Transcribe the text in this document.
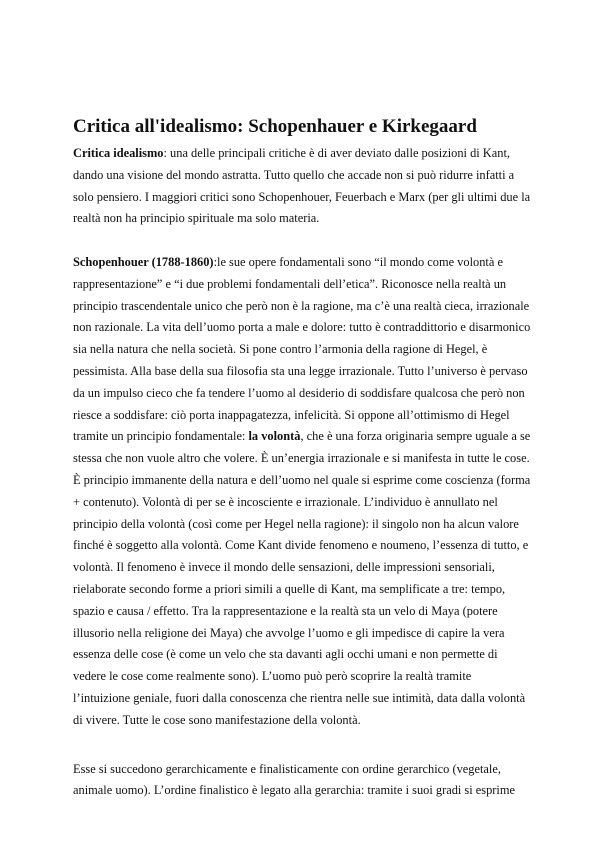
Critica all'idealismo: Schopenhauer e Kirkegaard
Critica idealismo: una delle principali critiche è di aver deviato dalle posizioni di Kant,
dando una visione del mondo astratta. Tutto quello che accade non si può ridurre infatti a
solo pensiero. I maggiori critici sono Schopenhouer, Feuerbach e Marx (per gli ultimi due la
realtà non ha principio spirituale ma solo materia.
Schopenhouer (1788-1860):le sue opere fondamentali sono “il mondo come volontà e
rappresentazione” e “i due problemi fondamentali dell’etica”. Riconosce nella realtà un
principio trascendentale unico che però non è la ragione, ma c’è una realtà cieca, irrazionale
non razionale. La vita dell’uomo porta a male e dolore: tutto è contraddittorio e disarmonico
sia nella natura che nella società. Si pone contro l’armonia della ragione di Hegel, è
pessimista. Alla base della sua filosofia sta una legge irrazionale. Tutto l’universo è pervaso
da un impulso cieco che fa tendere l’uomo al desiderio di soddisfare qualcosa che però non
riesce a soddisfare: ciò porta inappagatezza, infelicità. Si oppone all’ottimismo di Hegel
tramite un principio fondamentale: la volontà, che è una forza originaria sempre uguale a se
stessa che non vuole altro che volere. È un’energia irrazionale e si manifesta in tutte le cose.
È principio immanente della natura e dell’uomo nel quale si esprime come coscienza (forma
+ contenuto). Volontà di per se è incosciente e irrazionale. L’individuo è annullato nel
principio della volontà (così come per Hegel nella ragione): il singolo non ha alcun valore
finché è soggetto alla volontà. Come Kant divide fenomeno e noumeno, l’essenza di tutto, e
volontà. Il fenomeno è invece il mondo delle sensazioni, delle impressioni sensoriali,
rielaborate secondo forme a priori simili a quelle di Kant, ma semplificate a tre: tempo,
spazio e causa / effetto. Tra la rappresentazione e la realtà sta un velo di Maya (potere
illusorio nella religione dei Maya) che avvolge l’uomo e gli impedisce di capire la vera
essenza delle cose (è come un velo che sta davanti agli occhi umani e non permette di
vedere le cose come realmente sono). L’uomo può però scoprire la realtà tramite
l’intuizione geniale, fuori dalla conoscenza che rientra nelle sue intimità, data dalla volontà
di vivere. Tutte le cose sono manifestazione della volontà.
Esse si succedono gerarchicamente e finalisticamente con ordine gerarchico (vegetale,
animale uomo). L’ordine finalistico è legato alla gerarchia: tramite i suoi gradi si esprime
